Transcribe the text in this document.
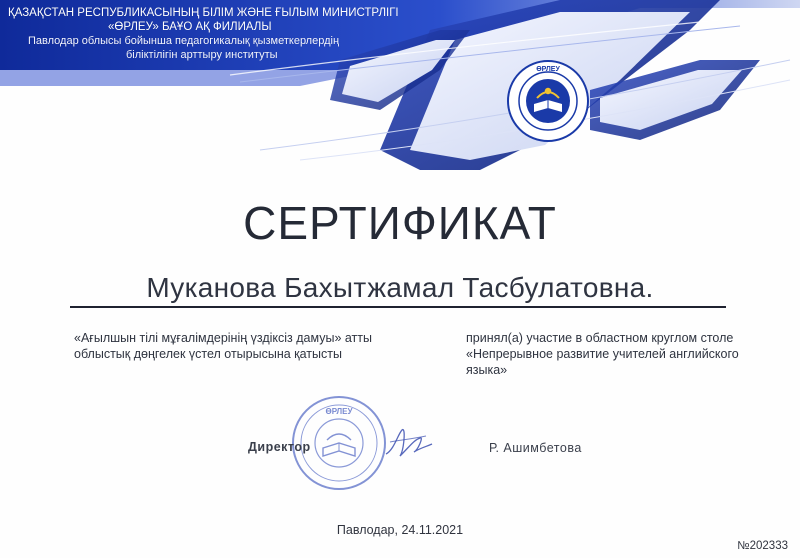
ҚАЗАҚСТАН РЕСПУБЛИКАСЫНЫҢ БІЛІМ ЖӘНЕ ҒЫЛЫМ МИНИСТРЛІГІ
«ӨРЛЕУ» БАҰО АҚ ФИЛИАЛЫ
Павлодар облысы бойынша педагогикалық қызметкерлердің
біліктілігін арттыру институты
ӨРЛЕУ
СЕРТИФИКАТ
Муканова Бахытжамал Тасбулатовна.
«Ағылшын тілі мұғалімдерінің үздіксіз дамуы» атты облыстық дөңгелек үстел отырысына қатысты
принял(а) участие в областном круглом столе «Непрерывное развитие учителей английского языка»
ӨРЛЕУ
Директор	Р. Ашимбетова
Павлодар, 24.11.2021
№202333
